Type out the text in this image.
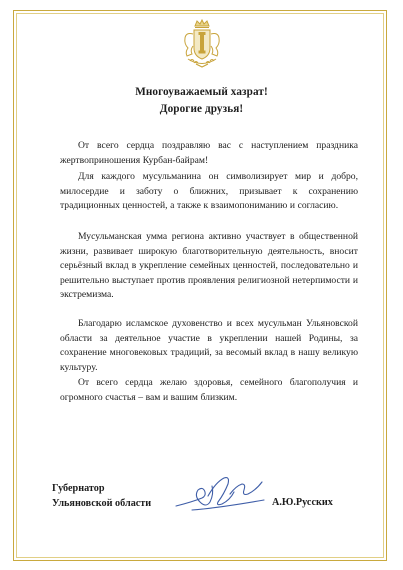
Многоуважаемый хазрат!
Дорогие друзья!
От всего сердца поздравляю вас с наступлением праздника жертвоприношения Курбан-байрам!
Для каждого мусульманина он символизирует мир и добро, милосердие и заботу о ближних, призывает к сохранению традиционных ценностей, а также к взаимопониманию и согласию.
Мусульманская умма региона активно участвует в общественной жизни, развивает широкую благотворительную деятельность, вносит серьёзный вклад в укрепление семейных ценностей, последовательно и решительно выступает против проявления религиозной нетерпимости и экстремизма.
Благодарю исламское духовенство и всех мусульман Ульяновской области за деятельное участие в укреплении нашей Родины, за сохранение многовековых традиций, за весомый вклад в нашу великую культуру.
От всего сердца желаю здоровья, семейного благополучия и огромного счастья – вам и вашим близким.
Губернатор
Ульяновской области	А.Ю.Русских
